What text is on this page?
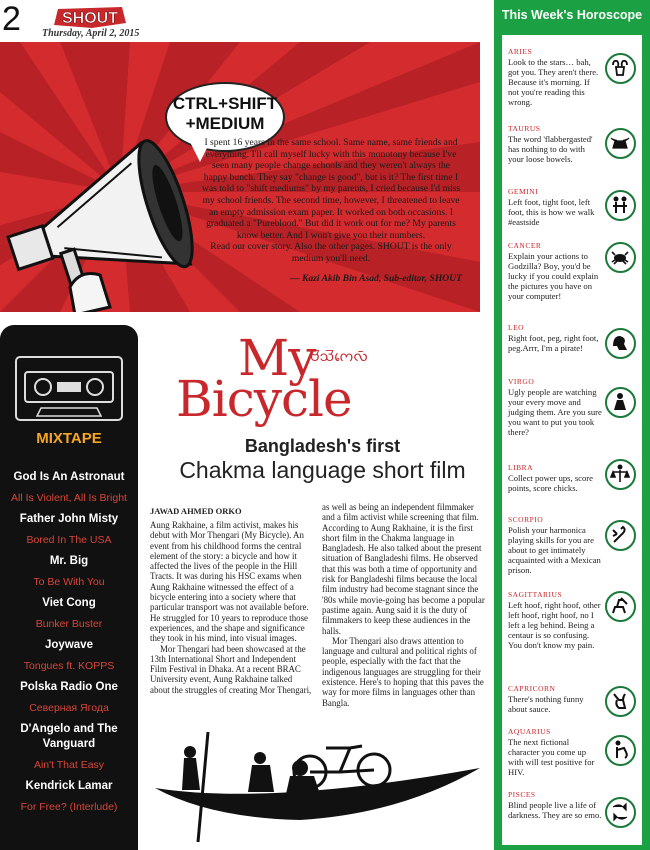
2	SHOUT
Thursday, April 2, 2015
CTRL+SHIFT +MEDIUM

I spent 16 years in the same school. Same name, same friends and everything. I'll call myself lucky with this monotony because I've seen many people change schools and they weren't always the happy bunch. They say "change is good", but is it? The first time I was told to "shift mediums" by my parents, I cried because I'd miss my school friends. The second time, however, I threatened to leave an empty admission exam paper. It worked on both occasions. I graduated a "Pureblood." But did it work out for me? My parents know better. And I won't give you their numbers.

Read our cover story. Also the other pages. SHOUT is the only medium you'll need.

— Kazi Akib Bin Asad, Sub-editor, SHOUT

MIXTAPE
God Is An Astronaut
All Is Violent, All Is Bright
Father John Misty
Bored In The USA
Mr. Big
To Be With You
Viet Cong
Bunker Buster
Joywave
Tongues ft. KOPPS
Polska Radio One
Северная Ягода
D'Angelo and The Vanguard
Ain't That Easy
Kendrick Lamar
For Free? (Interlude)
My
𑄝𑄭𑄥𑄭𑄇𑄬𑄣𑄴
Bicycle
Bangladesh's first
Chakma language short film
JAWAD AHMED ORKO

Aung Rakhaine, a film activist, makes his debut with Mor Thengari (My Bicycle). An event from his childhood forms the central element of the story: a bicycle and how it affected the lives of the people in the Hill Tracts. It was during his HSC exams when Aung Rakhaine witnessed the effect of a bicycle entering into a society where that particular transport was not available before. He struggled for 10 years to reproduce those experiences, and the shape and significance they took in his mind, into visual images.

Mor Thengari had been showcased at the 13th International Short and Independent Film Festival in Dhaka. At a recent BRAC University event, Aung Rakhaine talked about the struggles of creating Mor Thengari,

as well as being an independent filmmaker and a film activist while screening that film. According to Aung Rakhaine, it is the first short film in the Chakma language in Bangladesh. He also talked about the present situation of Bangladeshi films. He observed that this was both a time of opportunity and risk for Bangladeshi films because the local film industry had become stagnant since the '80s while movie-going has become a popular pastime again. Aung said it is the duty of filmmakers to keep these audiences in the halls.

Mor Thengari also draws attention to language and cultural and political rights of people, especially with the fact that the indigenous languages are struggling for their existence. Here's to hoping that this paves the way for more films in languages other than Bangla.

This Week's Horoscope
ARIES
Look to the stars… bah, got you. They aren't there. Because it's morning. If not you're reading this wrong.
TAURUS
The word 'flabbergasted' has nothing to do with your loose bowels.
GEMINI
Left foot, tight foot, left foot, this is how we walk #eastside
CANCER
Explain your actions to Godzilla? Boy, you'd be lucky if you could explain the pictures you have on your computer!
LEO
Right foot, peg, right foot, peg.Arrr, I'm a pirate!
VIRGO
Ugly people are watching your every move and judging them. Are you sure you want to put you took there?
LIBRA
Collect power ups, score points, score chicks.
SCORPIO
Polish your harmonica playing skills for you are about to get intimately acquainted with a Mexican prison.
SAGITTARIUS
Left hoof, right hoof, other left hoof, right hoof, no I left a leg behind. Being a centaur is so confusing. You don't know my pain.
CAPRICORN
There's nothing funny about sauce.
AQUARIUS
The next fictional character you come up with will test positive for HIV.
PISCES
Blind people live a life of darkness. They are so emo.
